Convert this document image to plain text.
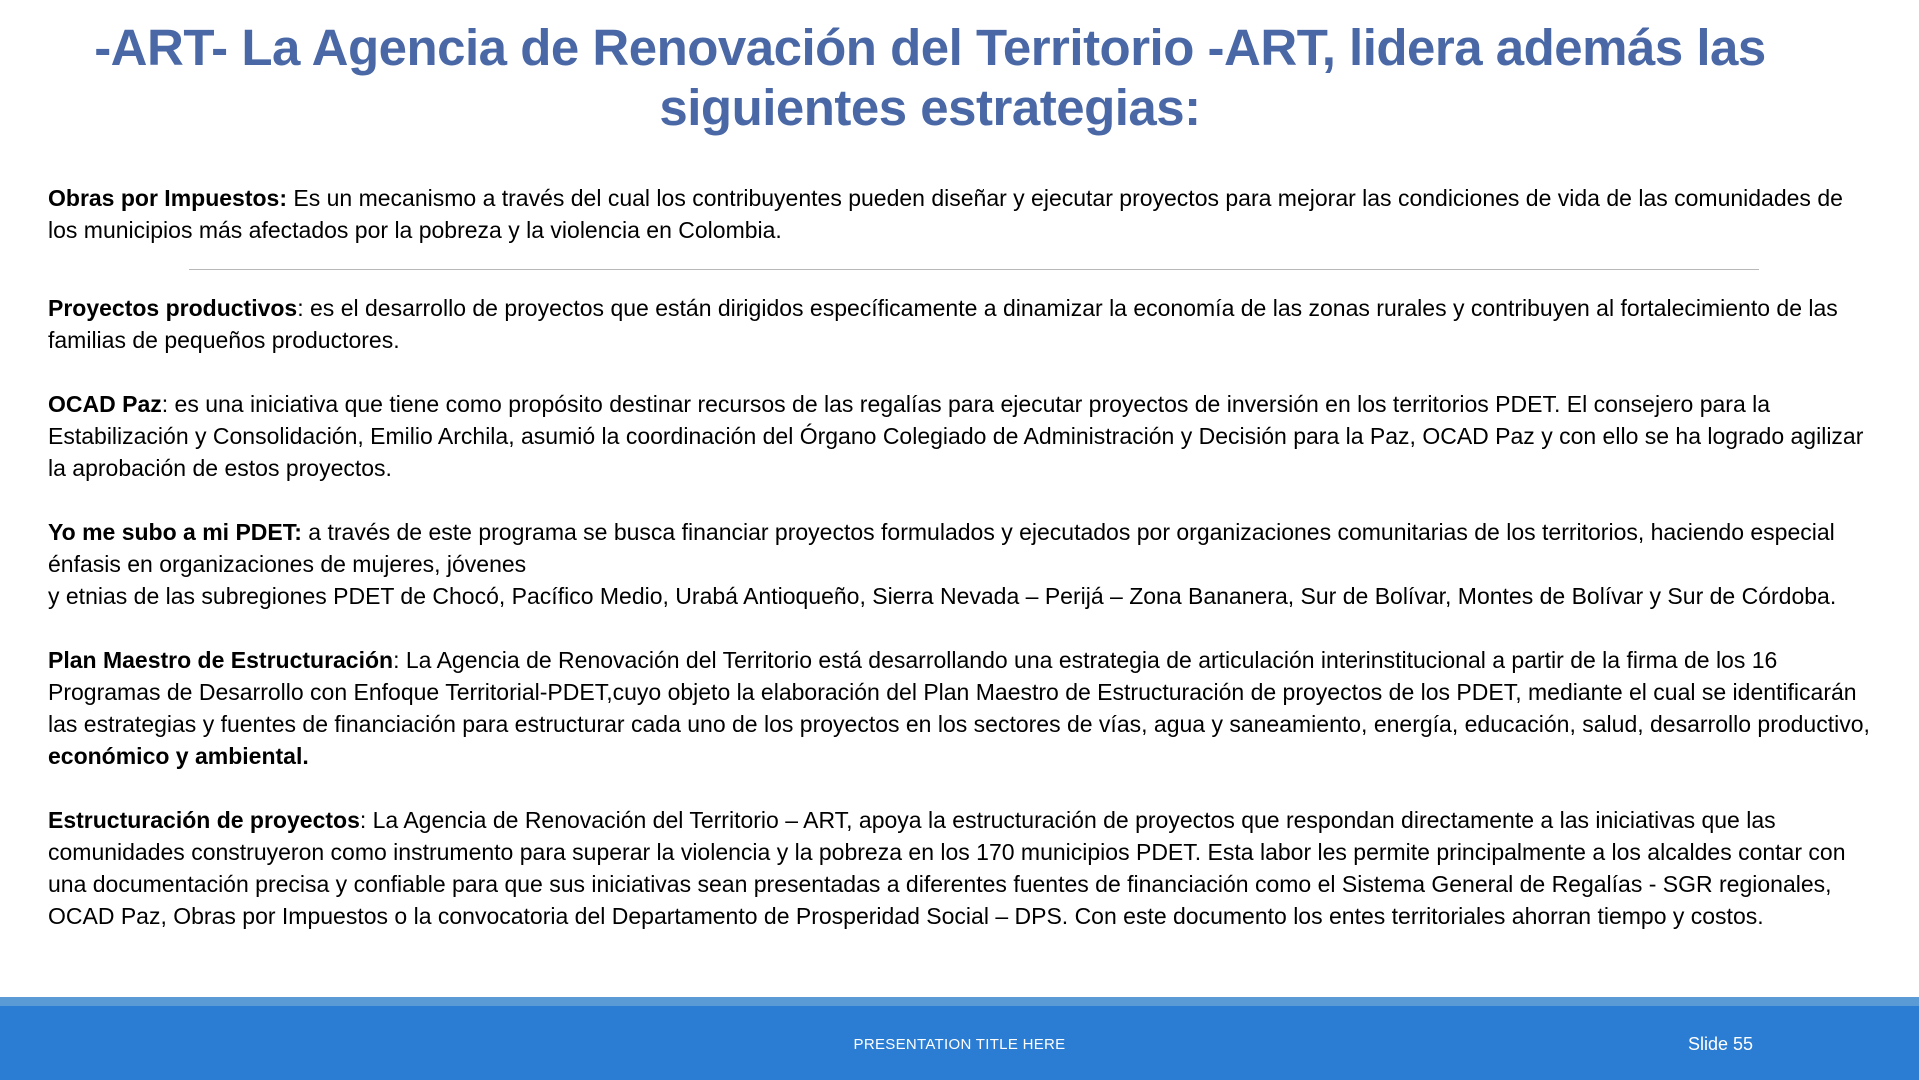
-ART- La Agencia de Renovación del Territorio -ART, lidera además las siguientes estrategias:

Obras por Impuestos: Es un mecanismo a través del cual los contribuyentes pueden diseñar y ejecutar proyectos para mejorar las condiciones de vida de las comunidades de los municipios más afectados por la pobreza y la violencia en Colombia.

Proyectos productivos: es el desarrollo de proyectos que están dirigidos específicamente a dinamizar la economía de las zonas rurales y contribuyen al fortalecimiento de las familias de pequeños productores.

OCAD Paz: es una iniciativa que tiene como propósito destinar recursos de las regalías para ejecutar proyectos de inversión en los territorios PDET. El consejero para la Estabilización y Consolidación, Emilio Archila, asumió la coordinación del Órgano Colegiado de Administración y Decisión para la Paz, OCAD Paz y con ello se ha logrado agilizar la aprobación de estos proyectos.

Yo me subo a mi PDET: a través de este programa se busca financiar proyectos formulados y ejecutados por organizaciones comunitarias de los territorios, haciendo especial énfasis en organizaciones de mujeres, jóvenes
y etnias de las subregiones PDET de Chocó, Pacífico Medio, Urabá Antioqueño, Sierra Nevada – Perijá – Zona Bananera, Sur de Bolívar, Montes de Bolívar y Sur de Córdoba.

Plan Maestro de Estructuración: La Agencia de Renovación del Territorio está desarrollando una estrategia de articulación interinstitucional a partir de la firma de los 16 Programas de Desarrollo con Enfoque Territorial-PDET,cuyo objeto la elaboración del Plan Maestro de Estructuración de proyectos de los PDET, mediante el cual se identificarán las estrategias y fuentes de financiación para estructurar cada uno de los proyectos en los sectores de vías, agua y saneamiento, energía, educación, salud, desarrollo productivo, económico y ambiental.

Estructuración de proyectos: La Agencia de Renovación del Territorio – ART, apoya la estructuración de proyectos que respondan directamente a las iniciativas que las comunidades construyeron como instrumento para superar la violencia y la pobreza en los 170 municipios PDET. Esta labor les permite principalmente a los alcaldes contar con una documentación precisa y confiable para que sus iniciativas sean presentadas a diferentes fuentes de financiación como el Sistema General de Regalías - SGR regionales, OCAD Paz, Obras por Impuestos o la convocatoria del Departamento de Prosperidad Social – DPS. Con este documento los entes territoriales ahorran tiempo y costos.

PRESENTATION TITLE HERE	Slide 55
